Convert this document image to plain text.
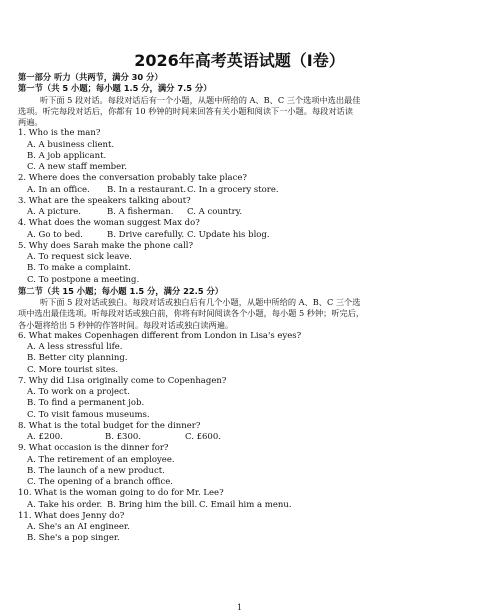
2026年高考英语试题（I卷）
第一部分 听力（共两节，满分 30 分）
第一节（共 5 小题；每小题 1.5 分，满分 7.5 分）
听下面 5 段对话。每段对话后有一个小题，从题中所给的 A、B、C 三个选项中选出最佳
选项。听完每段对话后，你都有 10 秒钟的时间来回答有关小题和阅读下一小题。每段对话读
两遍。
1. Who is the man?
A. A business client.
B. A job applicant.
C. A new staff member.
2. Where does the conversation probably take place?
A. In an office. B. In a restaurant.C. In a grocery store.
3. What are the speakers talking about?
A. A picture.	B. A fisherman. C. A country.
4. What does the woman suggest Max do?
A. Go to bed.	B. Drive carefully. C. Update his blog.
5. Why does Sarah make the phone call?
A. To request sick leave.
B. To make a complaint.
C. To postpone a meeting.
第二节（共 15 小题；每小题 1.5 分，满分 22.5 分）
听下面 5 段对话或独白。每段对话或独白后有几个小题，从题中所给的 A、B、C 三个选
项中选出最佳选项。听每段对话或独白前，你将有时间阅读各个小题，每小题 5 秒钟；听完后，
各小题将给出 5 秒钟的作答时间。每段对话或独白读两遍。
6. What makes Copenhagen different from London in Lisa's eyes?
A. A less stressful life.
B. Better city planning.
C. More tourist sites.
7. Why did Lisa originally come to Copenhagen?
A. To work on a project.
B. To find a permanent job.
C. To visit famous museums.
8. What is the total budget for the dinner?
A. £200.	B. £300.	C. £600.
9. What occasion is the dinner for?
A. The retirement of an employee.
B. The launch of a new product.
C. The opening of a branch office.
10. What is the woman going to do for Mr. Lee?
A. Take his order. B. Bring him the bill. C. Email him a menu.
11. What does Jenny do?
A. She's an AI engineer.
B. She's a pop singer.
1
